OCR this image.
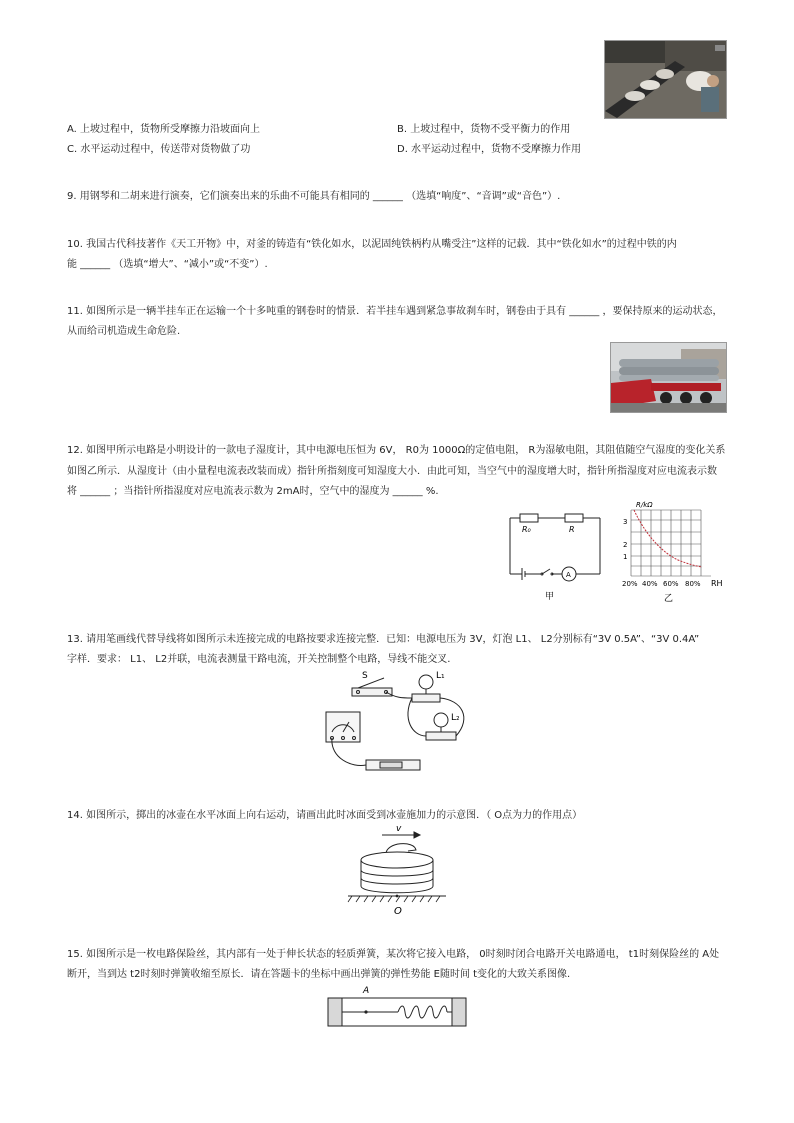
A. 上坡过程中，货物所受摩擦力沿坡面向上	B. 上坡过程中，货物不受平衡力的作用
C. 水平运动过程中，传送带对货物做了功	D. 水平运动过程中，货物不受摩擦力作用
9. 用钢琴和二胡来进行演奏，它们演奏出来的乐曲不可能具有相同的 ______ （选填“响度”、“音调”或“音色”）.
10. 我国古代科技著作《天工开物》中，对釜的铸造有“铁化如水，以泥固纯铁柄杓从嘴受注”这样的记载．其中“铁化如水”的过程中铁的内
能 ______ （选填“增大”、“减小”或“不变”）.
11. 如图所示是一辆半挂车正在运输一个十多吨重的钢卷时的情景．若半挂车遇到紧急事故刹车时，钢卷由于具有 ______ ，要保持原来的运动状态，
从而给司机造成生命危险.
12. 如图甲所示电路是小明设计的一款电子湿度计，其中电源电压恒为 6V， R0为 1000Ω的定值电阻， R为湿敏电阻，其阻值随空气湿度的变化关系
如图乙所示．从湿度计（由小量程电流表改装而成）指针所指刻度可知湿度大小．由此可知，当空气中的湿度增大时，指针所指湿度对应电流表示数
将 ______ ；当指针所指湿度对应电流表示数为 2mA时，空气中的湿度为 ______ %.
R₀	R
A
甲
R/kΩ
RH
3
2
1
20% 40% 60% 80%
乙
13. 请用笔画线代替导线将如图所示未连接完成的电路按要求连接完整．已知：电源电压为 3V，灯泡 L1、 L2分别标有“3V 0.5A”、“3V 0.4A”
字样．要求： L1、 L2并联，电流表测量干路电流，开关控制整个电路，导线不能交叉.
S	L₁
L₂
14. 如图所示，掷出的冰壶在水平冰面上向右运动，请画出此时冰面受到冰壶施加力的示意图．（ O点为力的作用点）
v
O
15. 如图所示是一枚电路保险丝，其内部有一处于伸长状态的轻质弹簧，某次将它接入电路， 0时刻时闭合电路开关电路通电， t1时刻保险丝的 A处
断开，当到达 t2时刻时弹簧收缩至原长．请在答题卡的坐标中画出弹簧的弹性势能 E随时间 t变化的大致关系图像.
A
